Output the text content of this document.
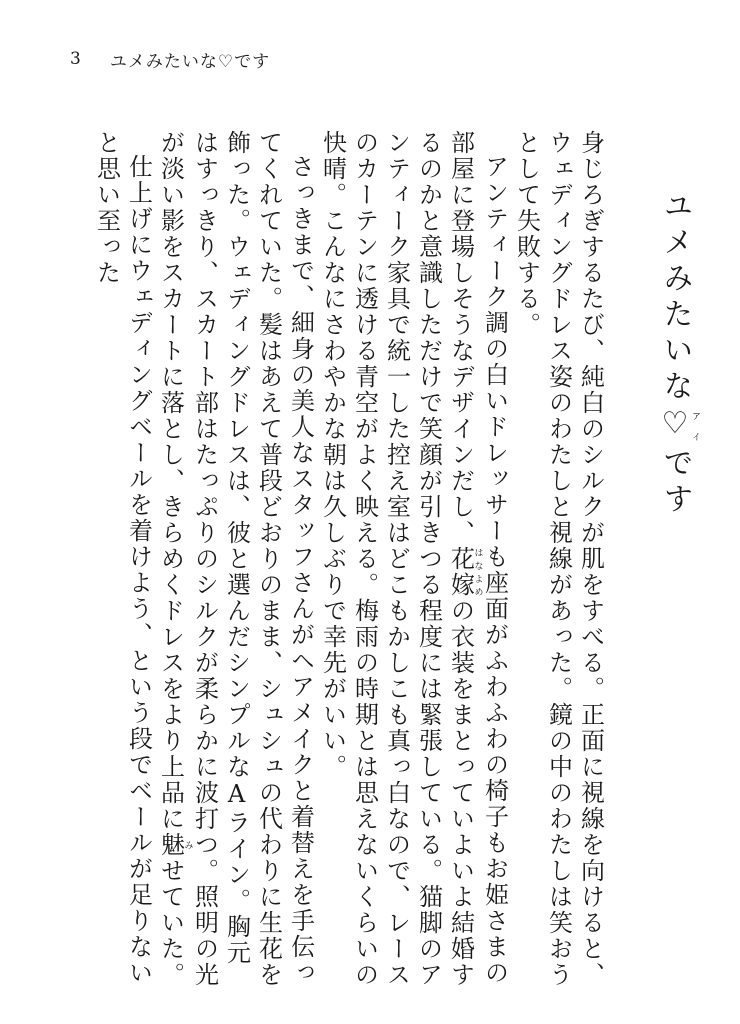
3 ユメみたいな♡です
ユメみたいな♡アイです

身じろぎするたび、純白のシルクが肌をすべる。正面に視線を向けると、ウェディングドレス姿のわたしと視線があった。鏡の中のわたしは笑おうとして失敗する。

アンティーク調の白いドレッサーも座面がふわふわの椅子もお姫さまの部屋に登場しそうなデザインだし、花嫁はなよめの衣装をまとっていよいよ結婚するのかと意識しただけで笑顔が引きつる程度には緊張している。猫脚のアンティーク家具で統一した控え室はどこもかしこも真っ白なので、レースのカーテンに透ける青空がよく映える。梅雨の時期とは思えないくらいの快晴。こんなにさわやかな朝は久しぶりで幸先がいい。

さっきまで、細身の美人なスタッフさんがヘアメイクと着替えを手伝ってくれていた。髪はあえて普段どおりのまま、シュシュの代わりに生花を飾った。ウェディングドレスは、彼と選んだシンプルなAライン。胸元はすっきり、スカート部はたっぷりのシルクが柔らかに波打つ。照明の光が淡い影をスカートに落とし、きらめくドレスをより上品に魅みせていた。

仕上げにウェディングベールを着けよう、という段でベールが足りないと思い至った
